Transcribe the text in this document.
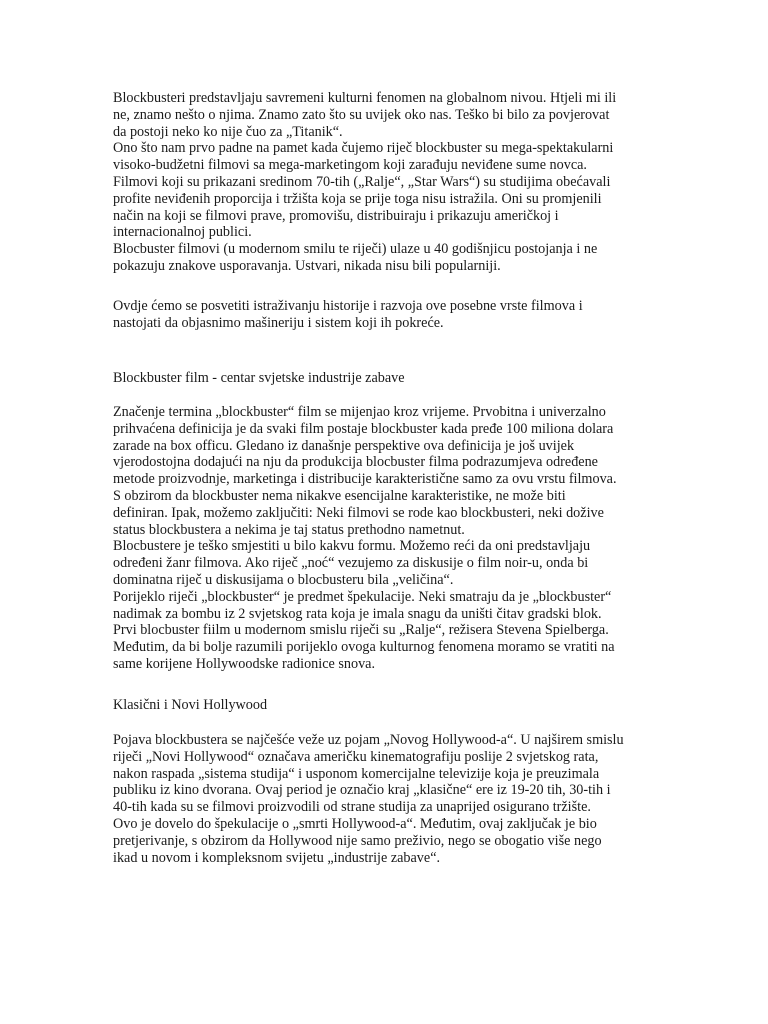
Blockbusteri predstavljaju savremeni kulturni fenomen na globalnom nivou. Htjeli mi ili

ne, znamo nešto o njima. Znamo zato što su uvijek oko nas. Teško bi bilo za povjerovat

da postoji neko ko nije čuo za „Titanik“.

Ono što nam prvo padne na pamet kada čujemo riječ blockbuster su mega-spektakularni

visoko-budžetni filmovi sa mega-marketingom koji zarađuju neviđene sume novca.

Filmovi koji su prikazani sredinom 70-tih („Ralje“, „Star Wars“) su studijima obećavali

profite neviđenih proporcija i tržišta koja se prije toga nisu istražila. Oni su promjenili

način na koji se filmovi prave, promovišu, distribuiraju i prikazuju američkoj i

internacionalnoj publici.

Blocbuster filmovi (u modernom smilu te riječi) ulaze u 40 godišnjicu postojanja i ne

pokazuju znakove usporavanja. Ustvari, nikada nisu bili popularniji.

Ovdje ćemo se posvetiti istraživanju historije i razvoja ove posebne vrste filmova i

nastojati da objasnimo mašineriju i sistem koji ih pokreće.

Blockbuster film - centar svjetske industrije zabave

Značenje termina „blockbuster“ film se mijenjao kroz vrijeme. Prvobitna i univerzalno

prihvaćena definicija je da svaki film postaje blockbuster kada pređe 100 miliona dolara

zarade na box officu. Gledano iz današnje perspektive ova definicija je još uvijek

vjerodostojna dodajući na nju da produkcija blocbuster filma podrazumjeva određene

metode proizvodnje, marketinga i distribucije karakteristične samo za ovu vrstu filmova.

S obzirom da blockbuster nema nikakve esencijalne karakteristike, ne može biti

definiran. Ipak, možemo zaključiti: Neki filmovi se rode kao blockbusteri, neki dožive

status blockbustera a nekima je taj status prethodno nametnut.

Blocbustere je teško smjestiti u bilo kakvu formu. Možemo reći da oni predstavljaju

određeni žanr filmova. Ako riječ „noć“ vezujemo za diskusije o film noir-u, onda bi

dominatna riječ u diskusijama o blocbusteru bila „veličina“.

Porijeklo riječi „blockbuster“ je predmet špekulacije. Neki smatraju da je „blockbuster“

nadimak za bombu iz 2 svjetskog rata koja je imala snagu da uništi čitav gradski blok.

Prvi blocbuster fiilm u modernom smislu riječi su „Ralje“, režisera Stevena Spielberga.

Međutim, da bi bolje razumili porijeklo ovoga kulturnog fenomena moramo se vratiti na

same korijene Hollywoodske radionice snova.

Klasični i Novi Hollywood

Pojava blockbustera se najčešće veže uz pojam „Novog Hollywood-a“. U najširem smislu

riječi „Novi Hollywood“ označava američku kinematografiju poslije 2 svjetskog rata,

nakon raspada „sistema studija“ i usponom komercijalne televizije koja je preuzimala

publiku iz kino dvorana. Ovaj period je označio kraj „klasične“ ere iz 19-20 tih, 30-tih i

40-tih kada su se filmovi proizvodili od strane studija za unaprijed osigurano tržište.

Ovo je dovelo do špekulacije o „smrti Hollywood-a“. Međutim, ovaj zaključak je bio

pretjerivanje, s obzirom da Hollywood nije samo preživio, nego se obogatio više nego

ikad u novom i kompleksnom svijetu „industrije zabave“.
